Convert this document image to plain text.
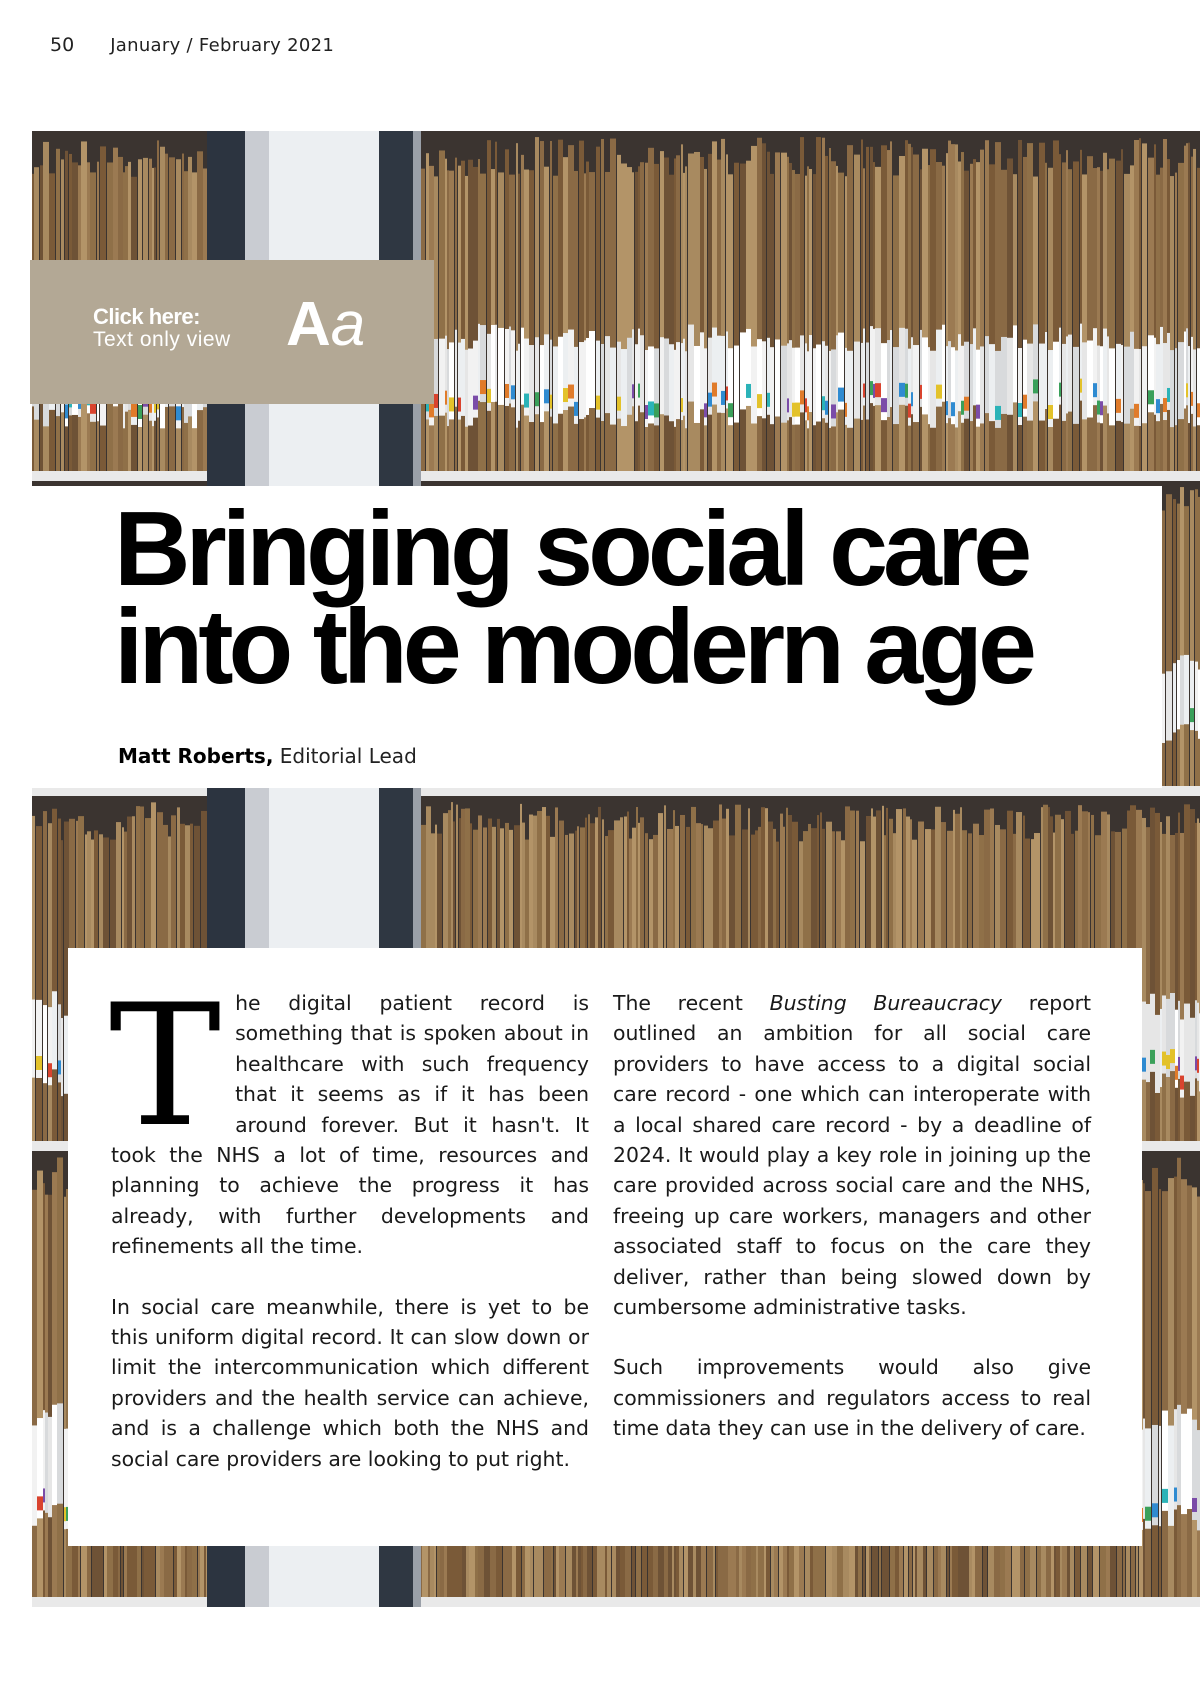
50 January / February 2021
Click here:
Text only view Aa
Bringing social care into the modern age
Matt Roberts, Editorial Lead

The digital patient record is something that is spoken about in healthcare with such frequency that it seems as if it has been around forever. But it hasn't. It took the NHS a lot of time, resources and planning to achieve the progress it has already, with further developments and refinements all the time.

In social care meanwhile, there is yet to be this uniform digital record. It can slow down or limit the intercommunication which different providers and the health service can achieve, and is a challenge which both the NHS and social care providers are looking to put right.

The recent Busting Bureaucracy report outlined an ambition for all social care providers to have access to a digital social care record - one which can interoperate with a local shared care record - by a deadline of 2024. It would play a key role in joining up the care provided across social care and the NHS, freeing up care workers, managers and other associated staff to focus on the care they deliver, rather than being slowed down by cumbersome administrative tasks.

Such improvements would also give commissioners and regulators access to real time data they can use in the delivery of care.
